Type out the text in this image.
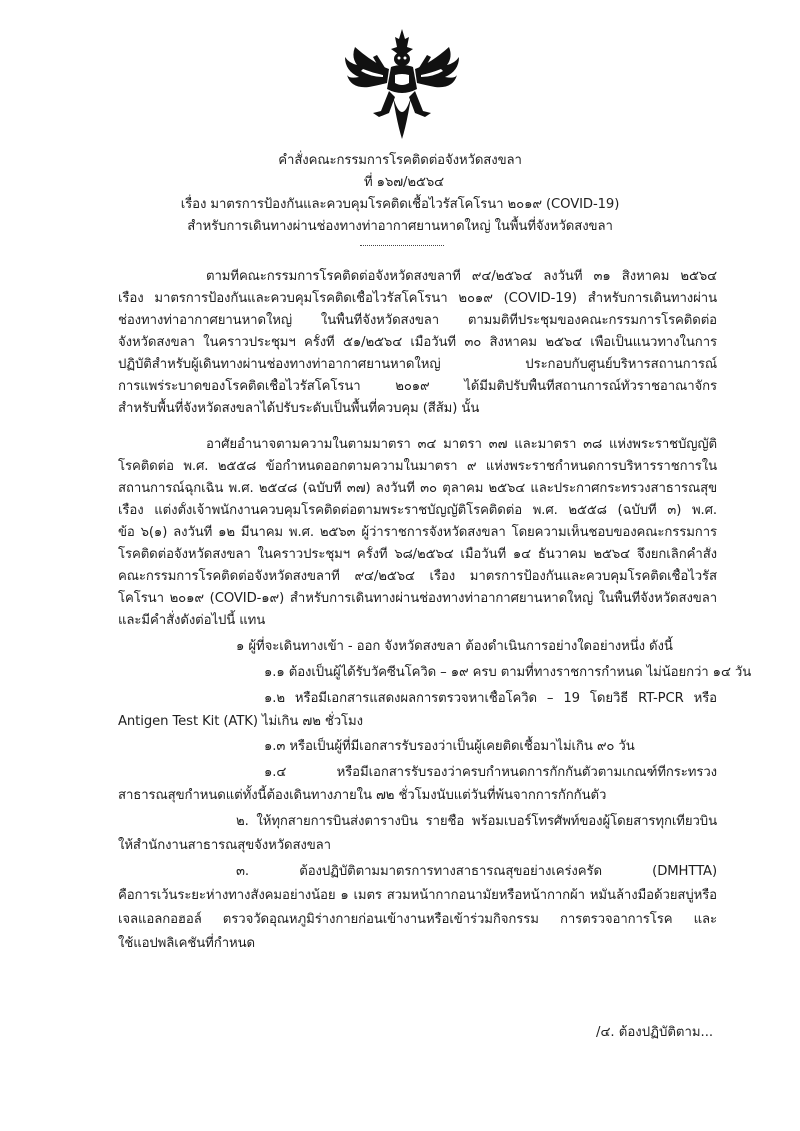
คำสั่งคณะกรรมการโรคติดต่อจังหวัดสงขลา
ที่ ๑๖๗/๒๕๖๔
เรื่อง มาตรการป้องกันและควบคุมโรคติดเชื้อไวรัสโคโรนา ๒๐๑๙ (COVID-19)
สำหรับการเดินทางผ่านช่องทางท่าอากาศยานหาดใหญ่ ในพื้นที่จังหวัดสงขลา
ตามที่คณะกรรมการโรคติดต่อจังหวัดสงขลาที่ ๙๔/๒๕๖๔ ลงวันที่ ๓๑ สิงหาคม ๒๕๖๔
เรื่อง มาตรการป้องกันและควบคุมโรคติดเชื้อไวรัสโคโรนา ๒๐๑๙ (COVID-19) สำหรับการเดินทางผ่าน
ช่องทางท่าอากาศยานหาดใหญ่ ในพื้นที่จังหวัดสงขลา ตามมติที่ประชุมของคณะกรรมการโรคติดต่อ
จังหวัดสงขลา ในคราวประชุมฯ ครั้งที่ ๕๑/๒๕๖๔ เมื่อวันที่ ๓๐ สิงหาคม ๒๕๖๔ เพื่อเป็นแนวทางในการ
ปฏิบัติสำหรับผู้เดินทางผ่านช่องทางท่าอากาศยานหาดใหญ่ ประกอบกับศูนย์บริหารสถานการณ์
การแพร่ระบาดของโรคติดเชื้อไวรัสโคโรนา ๒๐๑๙ ได้มีมติปรับพื้นที่สถานการณ์ทั่วราชอาณาจักร
สำหรับพื้นที่จังหวัดสงขลาได้ปรับระดับเป็นพื้นที่ควบคุม (สีส้ม) นั้น
อาศัยอำนาจตามความในตามมาตรา ๓๔ มาตรา ๓๗ และมาตรา ๓๘ แห่งพระราชบัญญัติ
โรคติดต่อ พ.ศ. ๒๕๕๘ ข้อกำหนดออกตามความในมาตรา ๙ แห่งพระราชกำหนดการบริหารราชการใน
สถานการณ์ฉุกเฉิน พ.ศ. ๒๕๔๘ (ฉบับที่ ๓๗) ลงวันที่ ๓๐ ตุลาคม ๒๕๖๔ และประกาศกระทรวงสาธารณสุข
เรื่อง แต่งตั้งเจ้าพนักงานควบคุมโรคติดต่อตามพระราชบัญญัติโรคติดต่อ พ.ศ. ๒๕๕๘ (ฉบับที่ ๓) พ.ศ.
ข้อ ๖(๑) ลงวันที่ ๑๒ มีนาคม พ.ศ. ๒๕๖๓ ผู้ว่าราชการจังหวัดสงขลา โดยความเห็นชอบของคณะกรรมการ
โรคติดต่อจังหวัดสงขลา ในคราวประชุมฯ ครั้งที่ ๖๘/๒๕๖๔ เมื่อวันที่ ๑๔ ธันวาคม ๒๕๖๔ จึงยกเลิกคำสั่ง
คณะกรรมการโรคติดต่อจังหวัดสงขลาที่ ๙๔/๒๕๖๔ เรื่อง มาตรการป้องกันและควบคุมโรคติดเชื้อไวรัส
โคโรนา ๒๐๑๙ (COVID-๑๙) สำหรับการเดินทางผ่านช่องทางท่าอากาศยานหาดใหญ่ ในพื้นที่จังหวัดสงขลา
และมีคำสั่งดังต่อไปนี้ แทน
๑ ผู้ที่จะเดินทางเข้า - ออก จังหวัดสงขลา ต้องดำเนินการอย่างใดอย่างหนึ่ง ดังนี้
๑.๑ ต้องเป็นผู้ได้รับวัคซีนโควิด – ๑๙ ครบ ตามที่ทางราชการกำหนด ไม่น้อยกว่า ๑๔ วัน
๑.๒ หรือมีเอกสารแสดงผลการตรวจหาเชื้อโควิด – 19 โดยวิธี RT-PCR หรือ
Antigen Test Kit (ATK) ไม่เกิน ๗๒ ชั่วโมง
๑.๓ หรือเป็นผู้ที่มีเอกสารรับรองว่าเป็นผู้เคยติดเชื้อมาไม่เกิน ๙๐ วัน
๑.๔ หรือมีเอกสารรับรองว่าครบกำหนดการกักกันตัวตามเกณฑ์ที่กระทรวง
สาธารณสุขกำหนดแต่ทั้งนี้ต้องเดินทางภายใน ๗๒ ชั่วโมงนับแต่วันที่พ้นจากการกักกันตัว
๒. ให้ทุกสายการบินส่งตารางบิน รายชื่อ พร้อมเบอร์โทรศัพท์ของผู้โดยสารทุกเที่ยวบิน
ให้สำนักงานสาธารณสุขจังหวัดสงขลา
๓. ต้องปฏิบัติตามมาตรการทางสาธารณสุขอย่างเคร่งครัด (DMHTTA)
คือการเว้นระยะห่างทางสังคมอย่างน้อย ๑ เมตร สวมหน้ากากอนามัยหรือหน้ากากผ้า หมั่นล้างมือด้วยสบู่หรือ
เจลแอลกอฮอล์ ตรวจวัดอุณหภูมิร่างกายก่อนเข้างานหรือเข้าร่วมกิจกรรม การตรวจอาการโรค และ
ใช้แอปพลิเคชันที่กำหนด
/๔. ต้องปฏิบัติตาม...
